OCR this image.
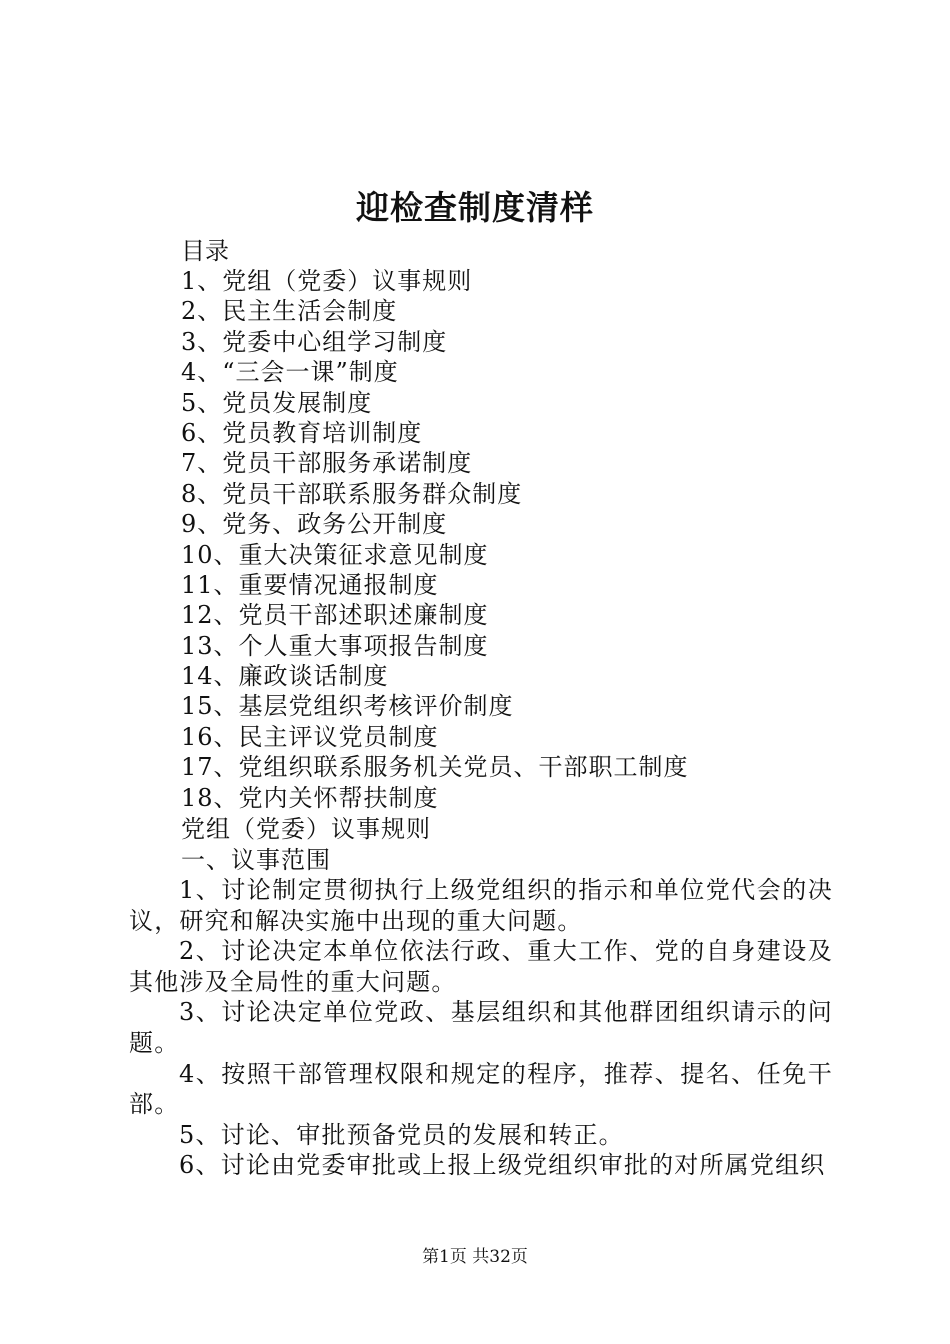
迎检查制度清样
目录
1、党组（党委）议事规则
2、民主生活会制度
3、党委中心组学习制度
4、“三会一课”制度
5、党员发展制度
6、党员教育培训制度
7、党员干部服务承诺制度
8、党员干部联系服务群众制度
9、党务、政务公开制度
10、重大决策征求意见制度
11、重要情况通报制度
12、党员干部述职述廉制度
13、个人重大事项报告制度
14、廉政谈话制度
15、基层党组织考核评价制度
16、民主评议党员制度
17、党组织联系服务机关党员、干部职工制度
18、党内关怀帮扶制度
党组（党委）议事规则
一、议事范围

1、讨论制定贯彻执行上级党组织的指示和单位党代会的决议，研究和解决实施中出现的重大问题。

2、讨论决定本单位依法行政、重大工作、党的自身建设及其他涉及全局性的重大问题。

3、讨论决定单位党政、基层组织和其他群团组织请示的问题。

4、按照干部管理权限和规定的程序，推荐、提名、任免干部。

5、讨论、审批预备党员的发展和转正。

6、讨论由党委审批或上报上级党组织审批的对所属党组织

第1页 共32页
